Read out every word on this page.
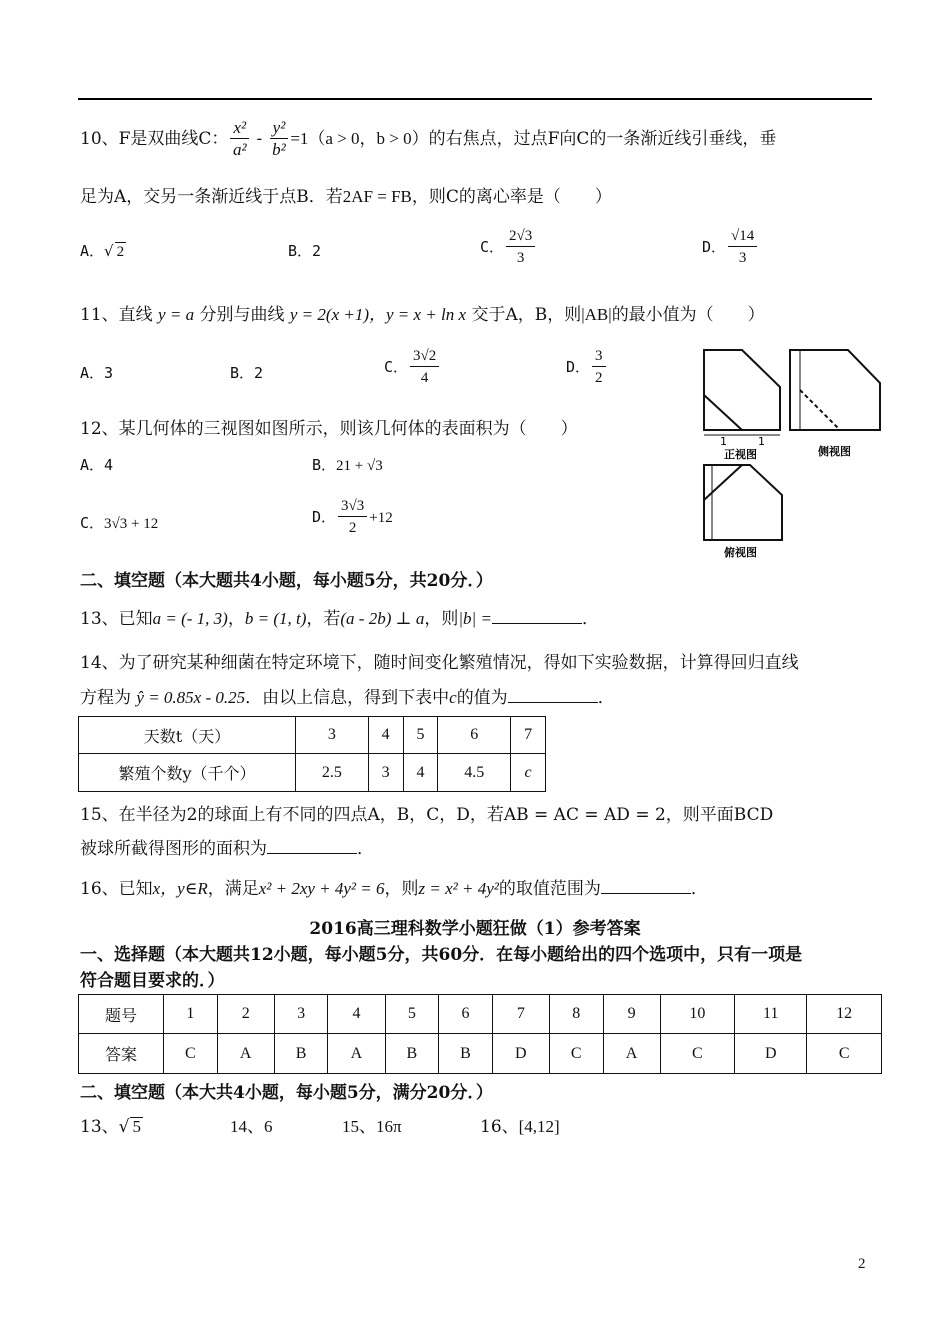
10、F是双曲线C： $\frac{\text{x²}}{\text{a²}} - \frac{\text{y²}}{\text{b²}} =1(a > 0$，b > 0）的右焦点，过点F向C的一条渐近线引垂线，垂
足为A，交另一条渐近线于点B．若2AF = FB，则C的离心率是（　　）
A．√ 2	B．2	C． $\frac{2√3}{3}$	D． $\frac{√14}{3}$
11、直线 y = a 分别与曲线 y = 2(x +1)，y = x + ln x 交于A，B，则|AB|的最小值为（　　）
A．3	B．2	C． $\frac{3√2}{4}$	D． $\frac{3}{2}$
12、某几何体的三视图如图所示，则该几何体的表面积为（　　）
A．4	B．21 + √3
C．3√3 + 12	D． $\frac{3√3}{2} +12$
1	1
正视图	侧视图
俯视图
二、填空题（本大题共4小题，每小题5分，共20分．）
13、已知a = (- 1, 3)，b = (1, t)，若(a - 2b) ⊥ a，则|b| =	．
14、为了研究某种细菌在特定环境下，随时间变化繁殖情况，得如下实验数据，计算得回归直线
方程为 ŷ = 0.85x - 0.25．由以上信息，得到下表中c的值为	．
天数t（天）	3	4	5	6	7
繁殖个数y（千个）	2.5	3	4	4.5	c
15、在半径为2的球面上有不同的四点A，B，C，D，若AB = AC = AD = 2，则平面BCD
被球所截得图形的面积为	．
16、已知x，y∈R，满足x² + 2xy + 4y² = 6，则z = x² + 4y²的取值范围为	．
2016高三理科数学小题狂做（1）参考答案
一、选择题（本大题共12小题，每小题5分，共60分．在每小题给出的四个选项中，只有一项是
符合题目要求的．）
题号	1	2	3	4	5	6	7	8	9	10	11	12
答案	C	A	B	A	B	B	D	C	A	C	D	C
二、填空题（本大共4小题，每小题5分，满分20分．）
13、√ 5	14、6	15、16π	16、[4,12]
2
